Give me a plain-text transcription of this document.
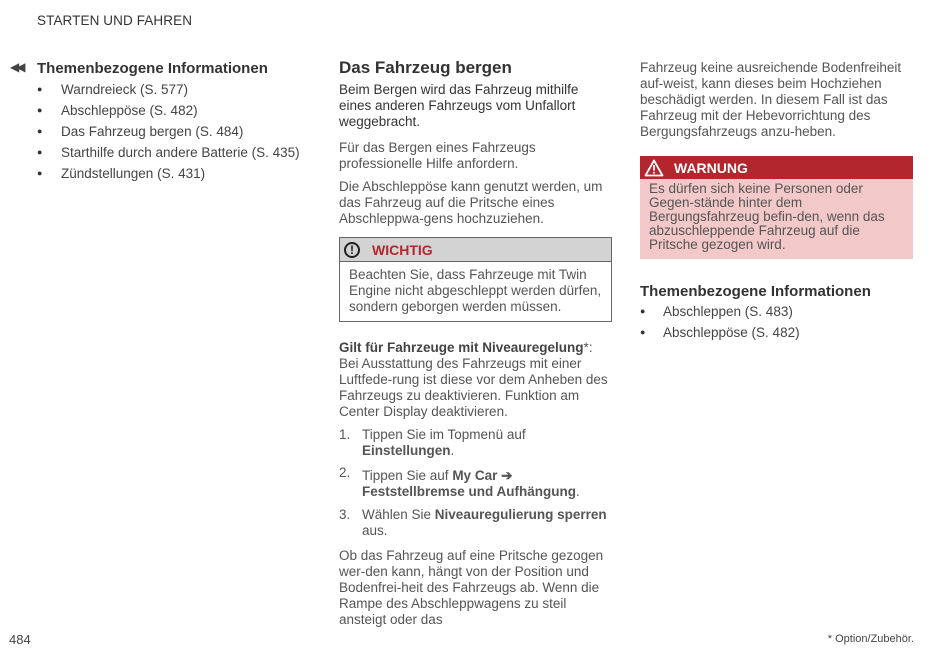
STARTEN UND FAHREN
◀◀ Themenbezogene Informationen
● Warndreieck (S. 577)
● Abschleppöse (S. 482)
● Das Fahrzeug bergen (S. 484)
● Starthilfe durch andere Batterie (S. 435)
● Zündstellungen (S. 431)
Das Fahrzeug bergen

Beim Bergen wird das Fahrzeug mithilfe eines anderen Fahrzeugs vom Unfallort weggebracht.

Für das Bergen eines Fahrzeugs professionelle Hilfe anfordern.

Die Abschleppöse kann genutzt werden, um das Fahrzeug auf die Pritsche eines Abschleppwa-gens hochzuziehen.

!	WICHTIG
Beachten Sie, dass Fahrzeuge mit Twin Engine nicht abgeschleppt werden dürfen, sondern geborgen werden müssen.

Gilt für Fahrzeuge mit Niveauregelung*: Bei Ausstattung des Fahrzeugs mit einer Luftfede-rung ist diese vor dem Anheben des Fahrzeugs zu deaktivieren. Funktion am Center Display deaktivieren.

1. Tippen Sie im Topmenü auf Einstellungen.
2. Tippen Sie auf My Car ➔ Feststellbremse und Aufhängung.
3. Wählen Sie Niveauregulierung sperren aus.

Ob das Fahrzeug auf eine Pritsche gezogen wer-den kann, hängt von der Position und Bodenfrei-heit des Fahrzeugs ab. Wenn die Rampe des Abschleppwagens zu steil ansteigt oder das

Fahrzeug keine ausreichende Bodenfreiheit auf-weist, kann dieses beim Hochziehen beschädigt werden. In diesem Fall ist das Fahrzeug mit der Hebevorrichtung des Bergungsfahrzeugs anzu-heben.

WARNUNG
Es dürfen sich keine Personen oder Gegen-stände hinter dem Bergungsfahrzeug befin-den, wenn das abzuschleppende Fahrzeug auf die Pritsche gezogen wird.
Themenbezogene Informationen
● Abschleppen (S. 483)
● Abschleppöse (S. 482)
484	* Option/Zubehör.
